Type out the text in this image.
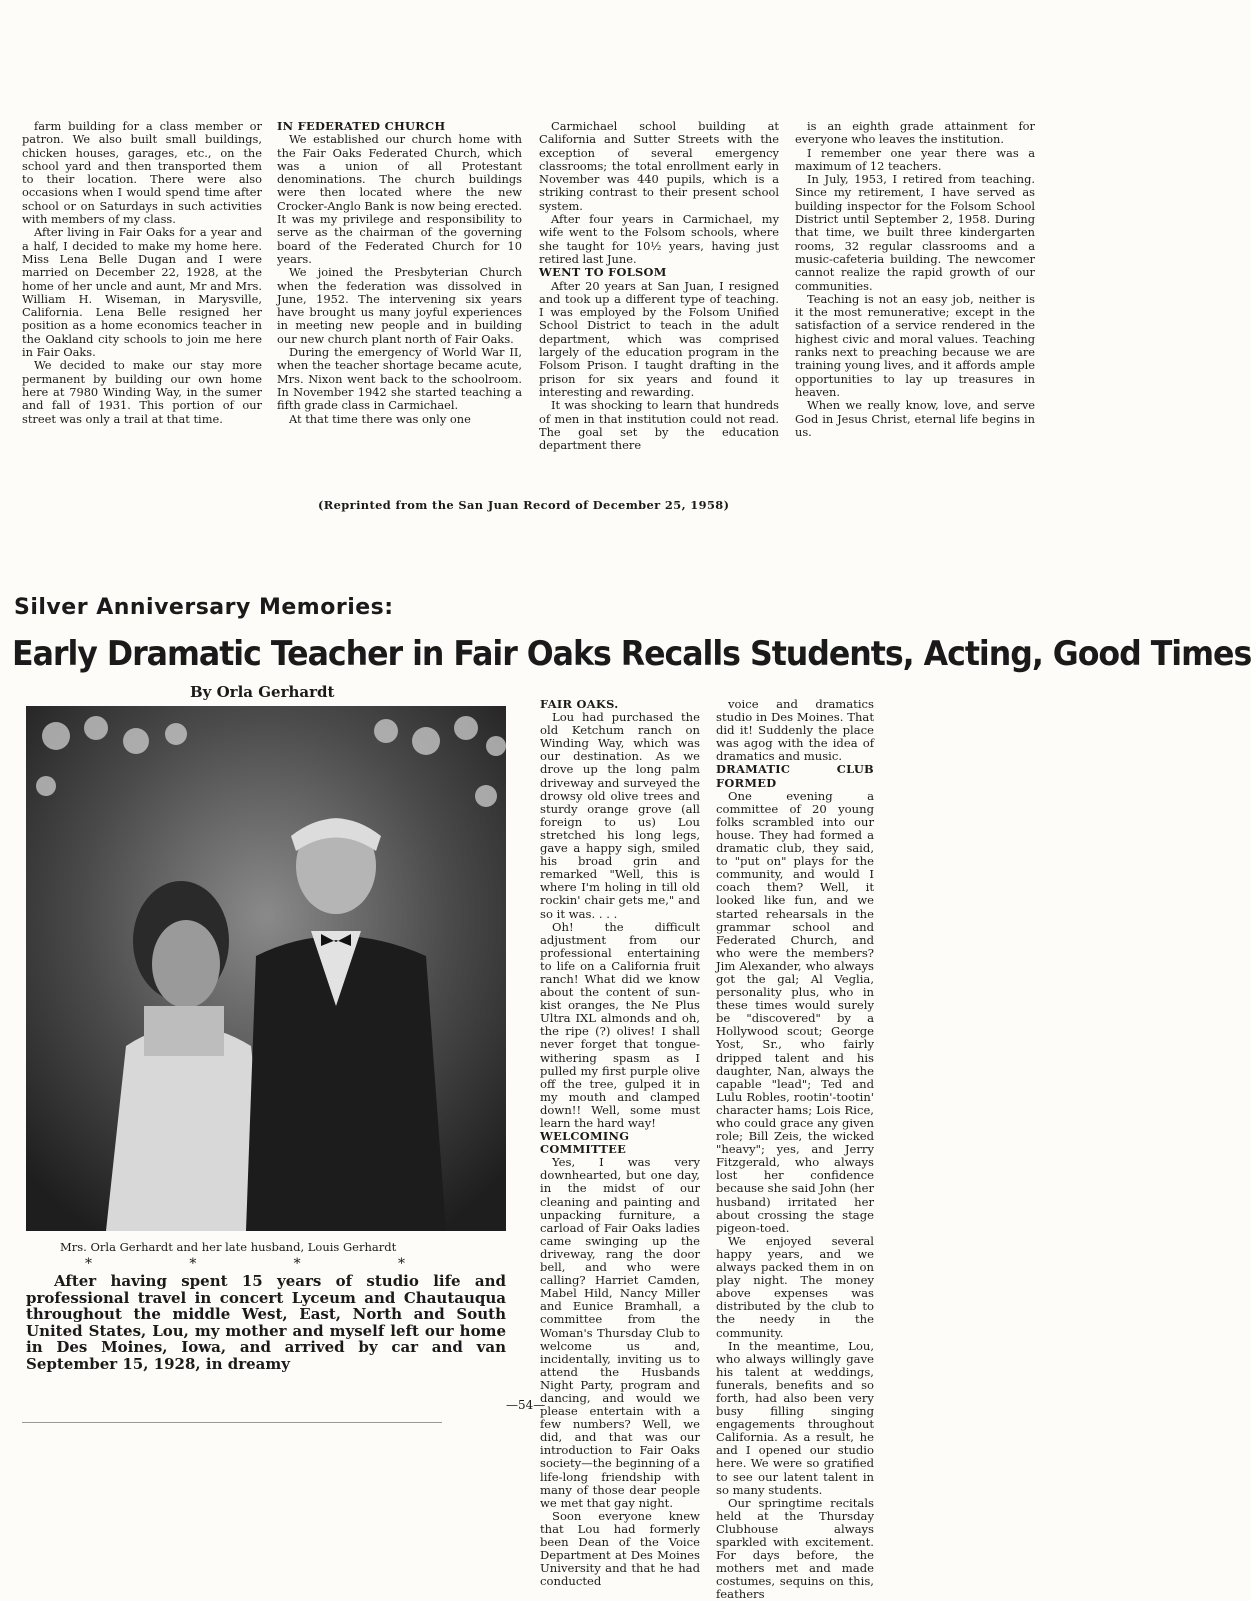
farm building for a class member or patron. We also built small buildings, chicken houses, garages, etc., on the school yard and then transported them to their location. There were also occasions when I would spend time after school or on Saturdays in such activities with members of my class.

After living in Fair Oaks for a year and a half, I decided to make my home here. Miss Lena Belle Dugan and I were married on December 22, 1928, at the home of her uncle and aunt, Mr and Mrs. William H. Wiseman, in Marysville, California. Lena Belle resigned her position as a home economics teacher in the Oakland city schools to join me here in Fair Oaks.

We decided to make our stay more permanent by building our own home here at 7980 Winding Way, in the sumer and fall of 1931. This portion of our street was only a trail at that time.

IN FEDERATED CHURCH

We established our church home with the Fair Oaks Federated Church, which was a union of all Protestant denominations. The church buildings were then located where the new Crocker-Anglo Bank is now being erected. It was my privilege and responsibility to serve as the chairman of the governing board of the Federated Church for 10 years.

We joined the Presbyterian Church when the federation was dissolved in June, 1952. The intervening six years have brought us many joyful experiences in meeting new people and in building our new church plant north of Fair Oaks.

During the emergency of World War II, when the teacher shortage became acute, Mrs. Nixon went back to the schoolroom. In November 1942 she started teaching a fifth grade class in Carmichael.

At that time there was only one

Carmichael school building at California and Sutter Streets with the exception of several emergency classrooms; the total enrollment early in November was 440 pupils, which is a striking contrast to their present school system.

After four years in Carmichael, my wife went to the Folsom schools, where she taught for 10½ years, having just retired last June.

WENT TO FOLSOM

After 20 years at San Juan, I resigned and took up a different type of teaching. I was employed by the Folsom Unified School District to teach in the adult department, which was comprised largely of the education program in the Folsom Prison. I taught drafting in the prison for six years and found it interesting and rewarding.

It was shocking to learn that hundreds of men in that institution could not read. The goal set by the education department there

is an eighth grade attainment for everyone who leaves the institution.

I remember one year there was a maximum of 12 teachers.

In July, 1953, I retired from teaching. Since my retirement, I have served as building inspector for the Folsom School District until September 2, 1958. During that time, we built three kindergarten rooms, 32 regular classrooms and a music-cafeteria building. The newcomer cannot realize the rapid growth of our communities.

Teaching is not an easy job, neither is it the most remunerative; except in the satisfaction of a service rendered in the highest civic and moral values. Teaching ranks next to preaching because we are training young lives, and it affords ample opportunities to lay up treasures in heaven.

When we really know, love, and serve God in Jesus Christ, eternal life begins in us.

(Reprinted from the San Juan Record of December 25, 1958)
Silver Anniversary Memories:
Early Dramatic Teacher in Fair Oaks Recalls Students, Acting, Good Times
By Orla Gerhardt
Mrs. Orla Gerhardt and her late husband, Louis Gerhardt
*	*	*	*

After having spent 15 years of studio life and professional travel in concert Lyceum and Chautauqua throughout the middle West, East, North and South United States, Lou, my mother and myself left our home in Des Moines, Iowa, and arrived by car and van September 15, 1928, in dreamy

FAIR OAKS.

Lou had purchased the old Ketchum ranch on Winding Way, which was our destination. As we drove up the long palm driveway and surveyed the drowsy old olive trees and sturdy orange grove (all foreign to us) Lou stretched his long legs, gave a happy sigh, smiled his broad grin and remarked "Well, this is where I'm holing in till old rockin' chair gets me," and so it was. . . .

Oh! the difficult adjustment from our professional entertaining to life on a California fruit ranch! What did we know about the content of sun-kist oranges, the Ne Plus Ultra IXL almonds and oh, the ripe (?) olives! I shall never forget that tongue-withering spasm as I pulled my first purple olive off the tree, gulped it in my mouth and clamped down!! Well, some must learn the hard way!

WELCOMING COMMITTEE

Yes, I was very downhearted, but one day, in the midst of our cleaning and painting and unpacking furniture, a carload of Fair Oaks ladies came swinging up the driveway, rang the door bell, and who were calling? Harriet Camden, Mabel Hild, Nancy Miller and Eunice Bramhall, a committee from the Woman's Thursday Club to welcome us and, incidentally, inviting us to attend the Husbands Night Party, program and dancing, and would we please entertain with a few numbers? Well, we did, and that was our introduction to Fair Oaks society—the beginning of a life-long friendship with many of those dear people we met that gay night.

Soon everyone knew that Lou had formerly been Dean of the Voice Department at Des Moines University and that he had conducted

voice and dramatics studio in Des Moines. That did it! Suddenly the place was agog with the idea of dramatics and music.

DRAMATIC CLUB FORMED

One evening a committee of 20 young folks scrambled into our house. They had formed a dramatic club, they said, to "put on" plays for the community, and would I coach them? Well, it looked like fun, and we started rehearsals in the grammar school and Federated Church, and who were the members? Jim Alexander, who always got the gal; Al Veglia, personality plus, who in these times would surely be "discovered" by a Hollywood scout; George Yost, Sr., who fairly dripped talent and his daughter, Nan, always the capable "lead"; Ted and Lulu Robles, rootin'-tootin' character hams; Lois Rice, who could grace any given role; Bill Zeis, the wicked "heavy"; yes, and Jerry Fitzgerald, who always lost her confidence because she said John (her husband) irritated her about crossing the stage pigeon-toed.

We enjoyed several happy years, and we always packed them in on play night. The money above expenses was distributed by the club to the needy in the community.

In the meantime, Lou, who always willingly gave his talent at weddings, funerals, benefits and so forth, had also been very busy filling singing engagements throughout California. As a result, he and I opened our studio here. We were so gratified to see our latent talent in so many students.

Our springtime recitals held at the Thursday Clubhouse always sparkled with excitement. For days before, the mothers met and made costumes, sequins on this, feathers

—54—
